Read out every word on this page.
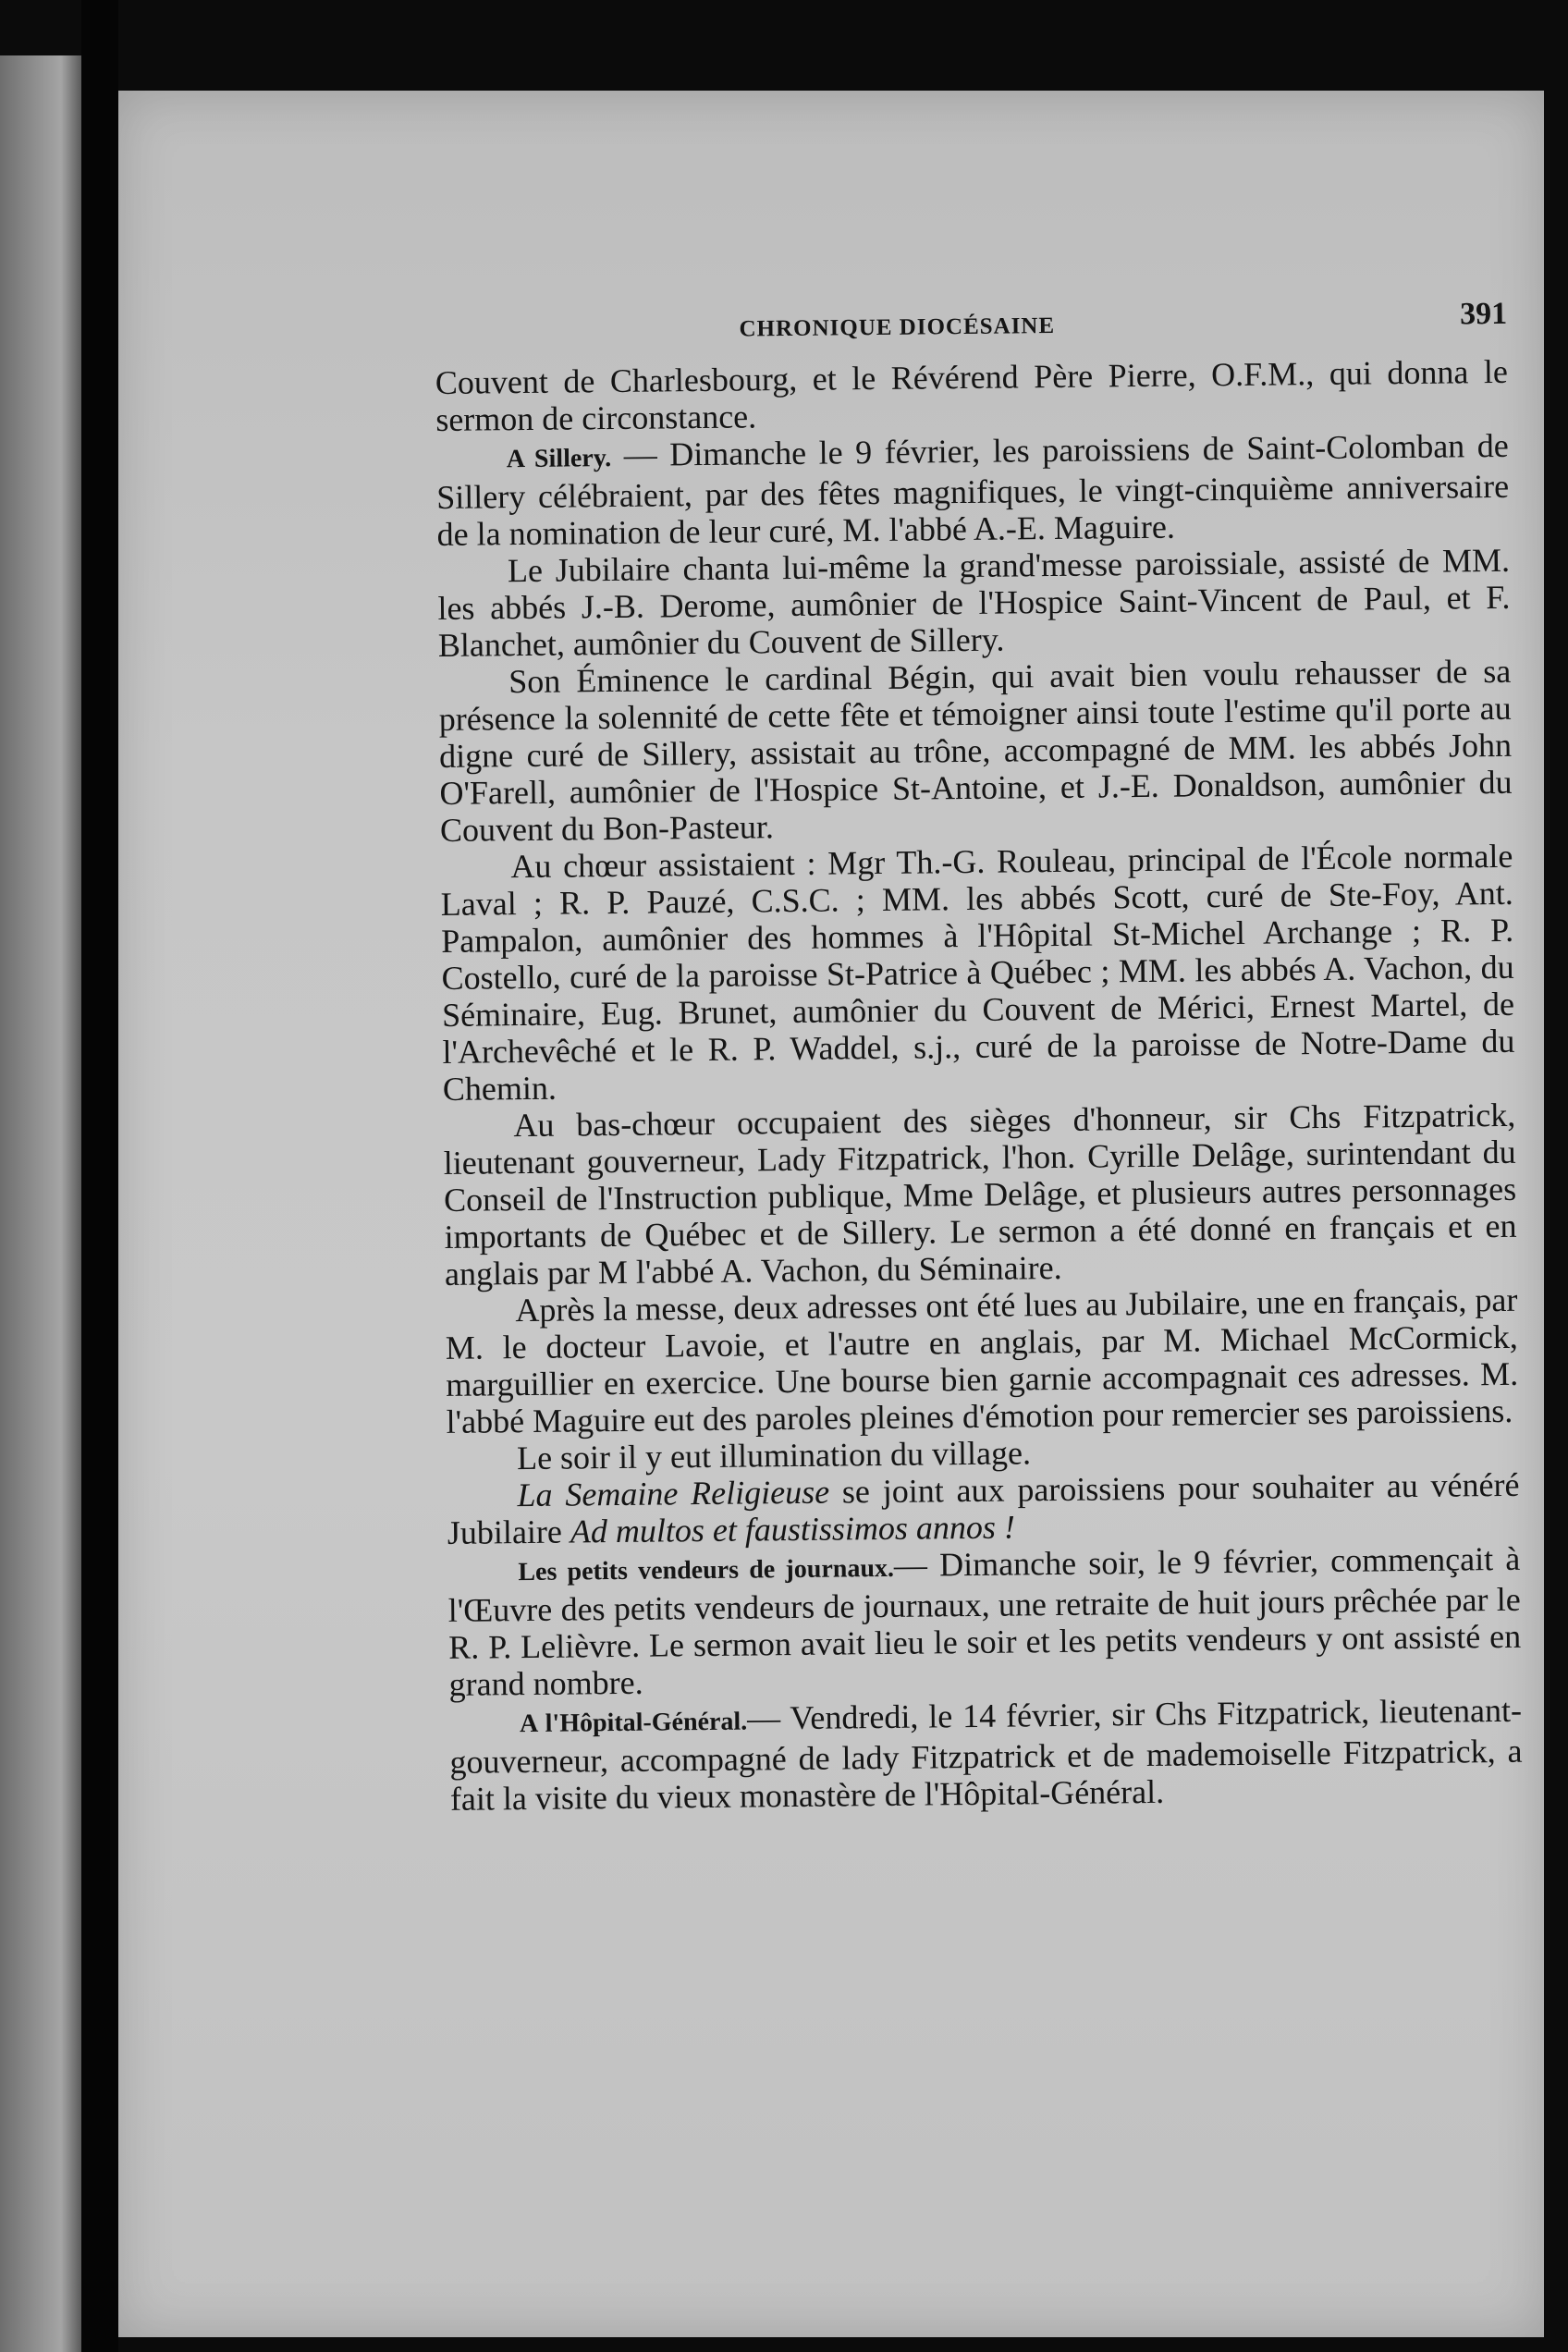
CHRONIQUE DIOCÉSAINE	391

Couvent de Charlesbourg, et le Révérend Père Pierre, O.F.M., qui donna le sermon de circonstance.

A Sillery. — Dimanche le 9 février, les paroissiens de Saint-Colomban de Sillery célébraient, par des fêtes magnifiques, le vingt-cinquième anniversaire de la nomination de leur curé, M. l'abbé A.-E. Maguire.

Le Jubilaire chanta lui-même la grand'messe paroissiale, assisté de MM. les abbés J.-B. Derome, aumônier de l'Hospice Saint-Vincent de Paul, et F. Blanchet, aumônier du Couvent de Sillery.

Son Éminence le cardinal Bégin, qui avait bien voulu rehausser de sa présence la solennité de cette fête et témoigner ainsi toute l'estime qu'il porte au digne curé de Sillery, assistait au trône, accompagné de MM. les abbés John O'Farell, aumônier de l'Hospice St-Antoine, et J.-E. Donaldson, aumônier du Couvent du Bon-Pasteur.

Au chœur assistaient : Mgr Th.-G. Rouleau, principal de l'École normale Laval ; R. P. Pauzé, C.S.C. ; MM. les abbés Scott, curé de Ste-Foy, Ant. Pampalon, aumônier des hommes à l'Hôpital St-Michel Archange ; R. P. Costello, curé de la paroisse St-Patrice à Québec ; MM. les abbés A. Vachon, du Séminaire, Eug. Brunet, aumônier du Couvent de Mérici, Ernest Martel, de l'Archevêché et le R. P. Waddel, s.j., curé de la paroisse de Notre-Dame du Chemin.

Au bas-chœur occupaient des sièges d'honneur, sir Chs Fitzpatrick, lieutenant gouverneur, Lady Fitzpatrick, l'hon. Cyrille Delâge, surintendant du Conseil de l'Instruction publique, Mme Delâge, et plusieurs autres personnages importants de Québec et de Sillery. Le sermon a été donné en français et en anglais par M l'abbé A. Vachon, du Séminaire.

Après la messe, deux adresses ont été lues au Jubilaire, une en français, par M. le docteur Lavoie, et l'autre en anglais, par M. Michael McCormick, marguillier en exercice. Une bourse bien garnie accompagnait ces adresses. M. l'abbé Maguire eut des paroles pleines d'émotion pour remercier ses paroissiens.

Le soir il y eut illumination du village.

La Semaine Religieuse se joint aux paroissiens pour souhaiter au vénéré Jubilaire Ad multos et faustissimos annos !

Les petits vendeurs de journaux.— Dimanche soir, le 9 février, commençait à l'Œuvre des petits vendeurs de journaux, une retraite de huit jours prêchée par le R. P. Lelièvre. Le sermon avait lieu le soir et les petits vendeurs y ont assisté en grand nombre.

A l'Hôpital-Général.— Vendredi, le 14 février, sir Chs Fitzpatrick, lieutenant-gouverneur, accompagné de lady Fitzpatrick et de mademoiselle Fitzpatrick, a fait la visite du vieux monastère de l'Hôpital-Général.
